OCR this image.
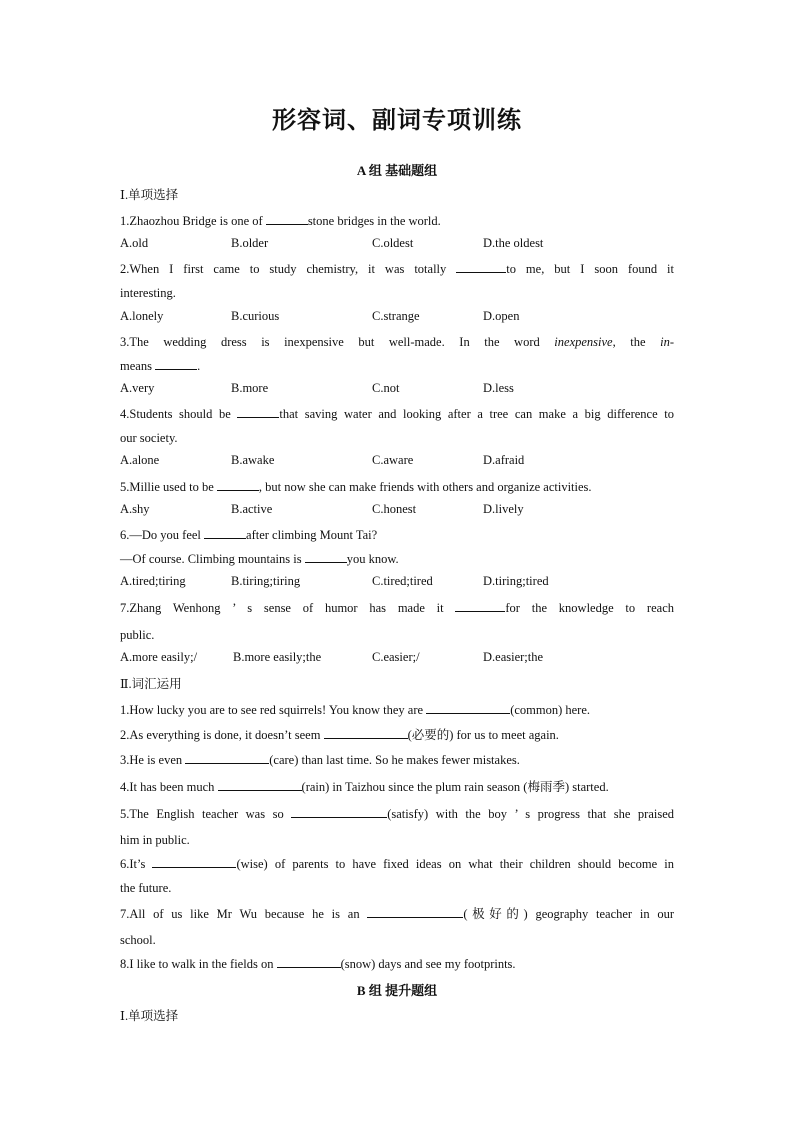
形容词、副词专项训练
A 组 基础题组
Ⅰ.单项选择
1.Zhaozhou Bridge is one of	stone bridges in the world.
A.old	B.older	C.oldest	D.the oldest
2.When I first came to study chemistry, it was totally	to me, but I soon found it
interesting.
A.lonely	B.curious	C.strange	D.open
3.The wedding dress is inexpensive but well-made. In the word inexpensive, the in-
means	.
A.very	B.more	C.not	D.less
4.Students should be	that saving water and looking after a tree can make a big difference to
our society.
A.alone	B.awake	C.aware	D.afraid
5.Millie used to be	, but now she can make friends with others and organize activities.
A.shy	B.active	C.honest	D.lively
6.—Do you feel	after climbing Mount Tai?
—Of course. Climbing mountains is	you know.
A.tired;tiring	B.tiring;tiring	C.tired;tired	D.tiring;tired
7.Zhang Wenhong ’ s sense of humor has made it	for the knowledge to reach
public.
A.more easily;/	B.more easily;the	C.easier;/	D.easier;the
Ⅱ.词汇运用
1.How lucky you are to see red squirrels! You know they are	(common) here.
2.As everything is done, it doesn’t seem	(必要的) for us to meet again.
3.He is even	(care) than last time. So he makes fewer mistakes.
4.It has been much	(rain) in Taizhou since the plum rain season (梅雨季) started.
5.The English teacher was so	(satisfy) with the boy ’ s progress that she praised
him in public.
6.It’s	(wise) of parents to have fixed ideas on what their children should become in
the future.
7.All of us like Mr Wu because he is an	(极好的) geography teacher in our
school.
8.I like to walk in the fields on	(snow) days and see my footprints.
B 组 提升题组
Ⅰ.单项选择
